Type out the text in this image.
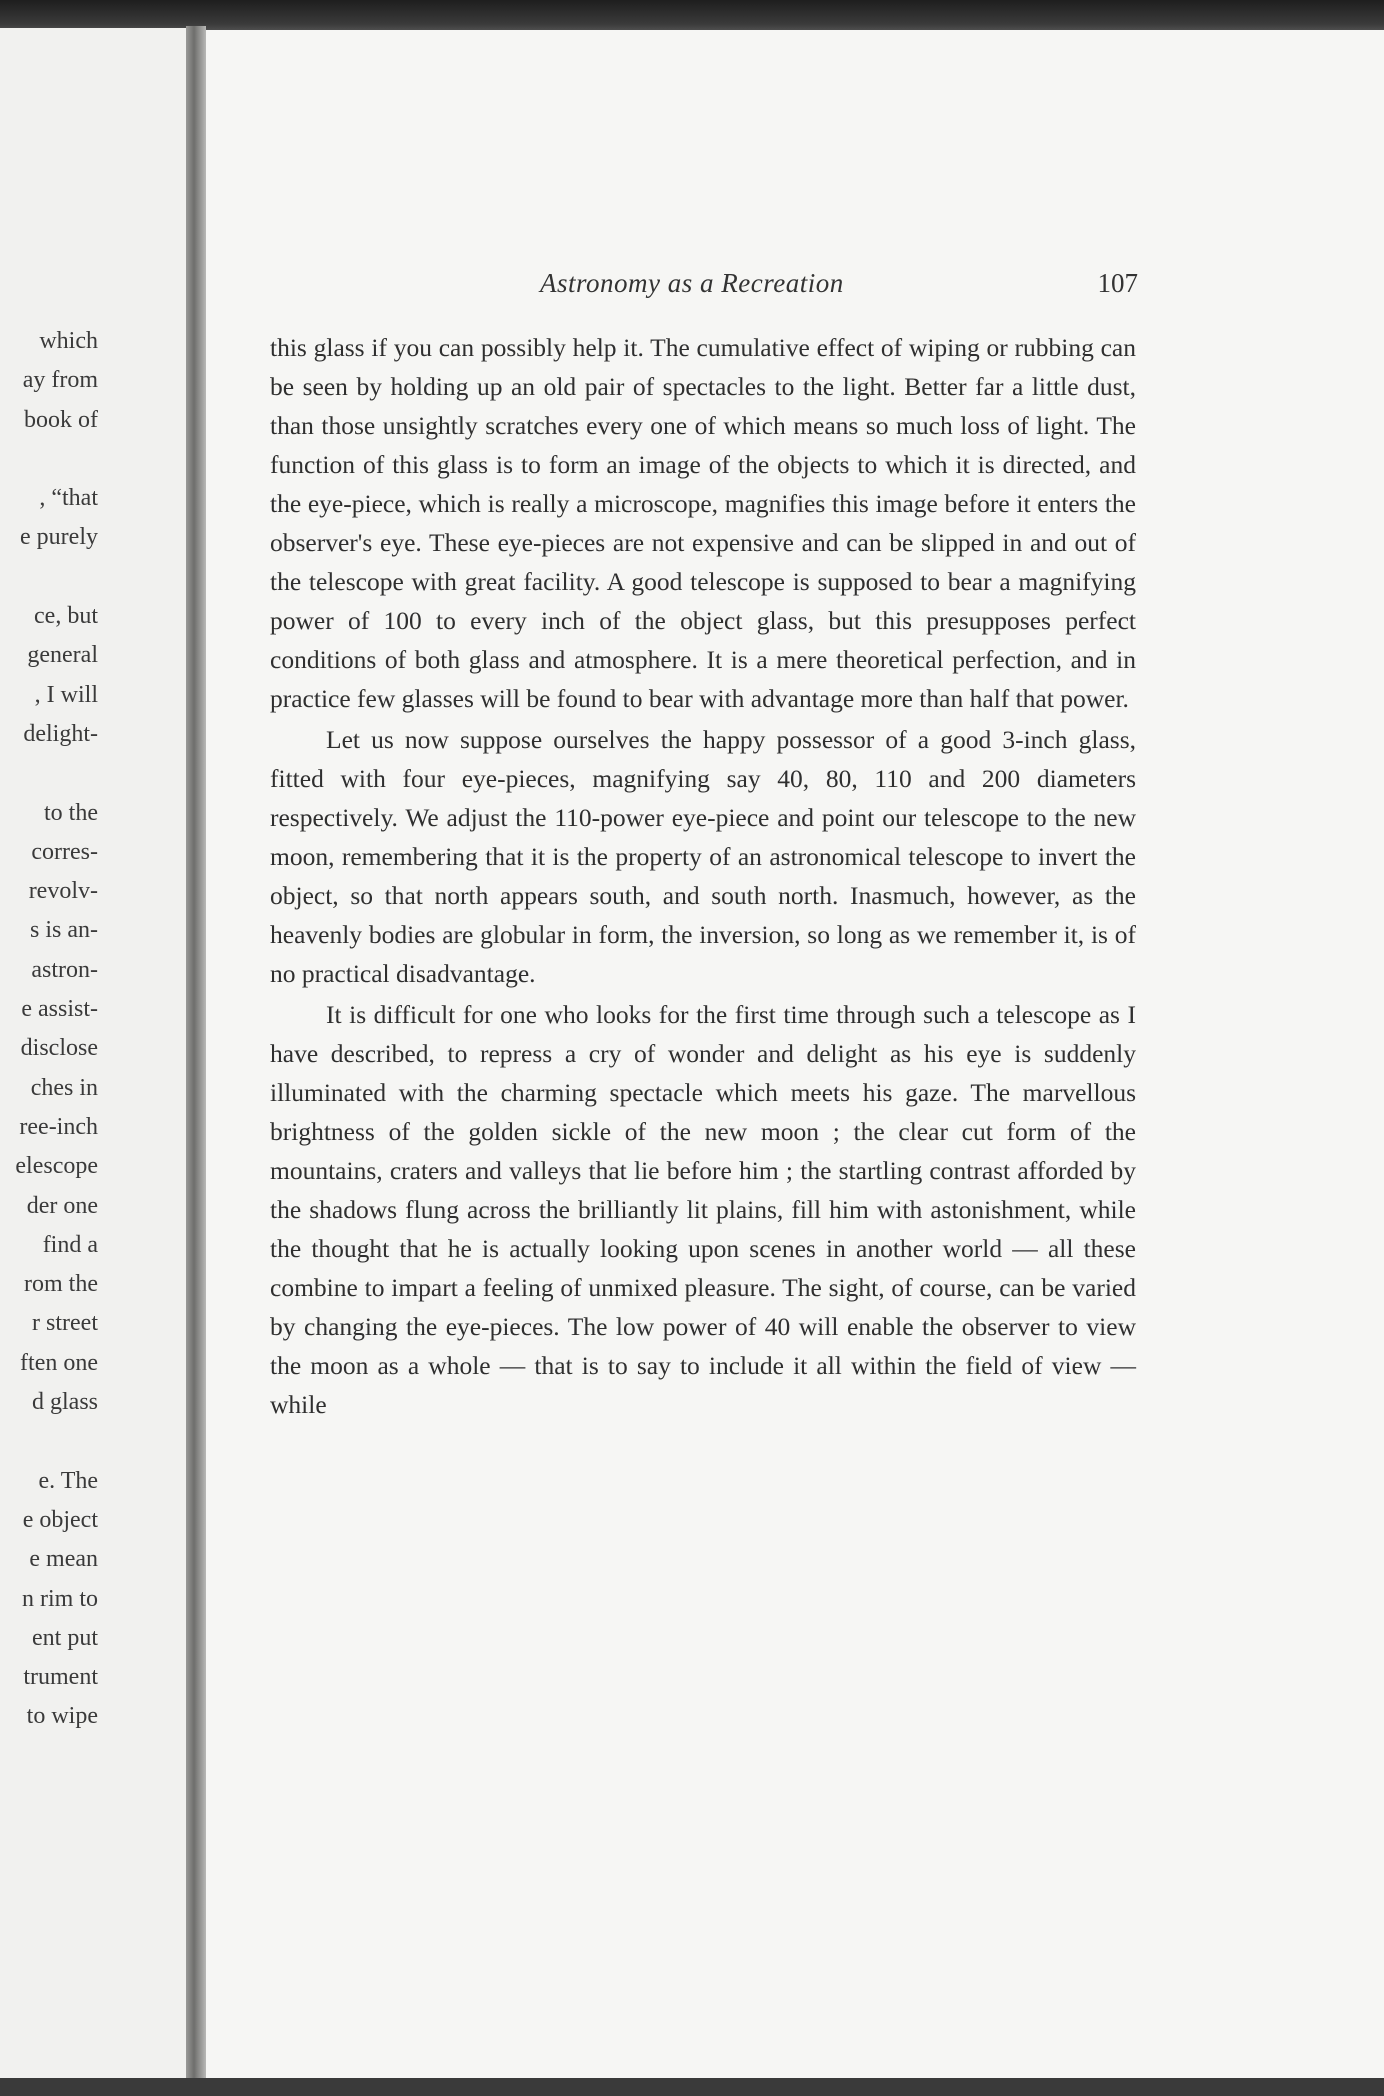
which
ay from
book of
, “that
e purely
ce, but
general
, I will
delight-
to the
corres-
revolv-
s is an-
astron-
e assist-
disclose
ches in
ree-inch
elescope
der one
find a
rom the
r street
ften one
d glass
e. The
e object
e mean
n rim to
ent put
trument
to wipe
Astronomy as a Recreation	107

this glass if you can possibly help it. The cumulative effect of wiping or rubbing can be seen by holding up an old pair of spectacles to the light. Better far a little dust, than those unsightly scratches every one of which means so much loss of light. The function of this glass is to form an image of the objects to which it is directed, and the eye-piece, which is really a microscope, magnifies this image before it enters the observer's eye. These eye-pieces are not expensive and can be slipped in and out of the telescope with great facility. A good telescope is supposed to bear a magnifying power of 100 to every inch of the object glass, but this presupposes perfect conditions of both glass and atmosphere. It is a mere theoretical perfection, and in practice few glasses will be found to bear with advantage more than half that power.

Let us now suppose ourselves the happy possessor of a good 3-inch glass, fitted with four eye-pieces, magnifying say 40, 80, 110 and 200 diameters respectively. We adjust the 110-power eye-piece and point our telescope to the new moon, remembering that it is the property of an astronomical telescope to invert the object, so that north appears south, and south north. Inasmuch, however, as the heavenly bodies are globular in form, the inversion, so long as we remember it, is of no practical disadvantage.

It is difficult for one who looks for the first time through such a telescope as I have described, to repress a cry of wonder and delight as his eye is suddenly illuminated with the charming spectacle which meets his gaze. The marvellous brightness of the golden sickle of the new moon ; the clear cut form of the mountains, craters and valleys that lie before him ; the startling contrast afforded by the shadows flung across the brilliantly lit plains, fill him with astonishment, while the thought that he is actually looking upon scenes in another world — all these combine to impart a feeling of unmixed pleasure. The sight, of course, can be varied by changing the eye-pieces. The low power of 40 will enable the observer to view the moon as a whole — that is to say to include it all within the field of view — while
